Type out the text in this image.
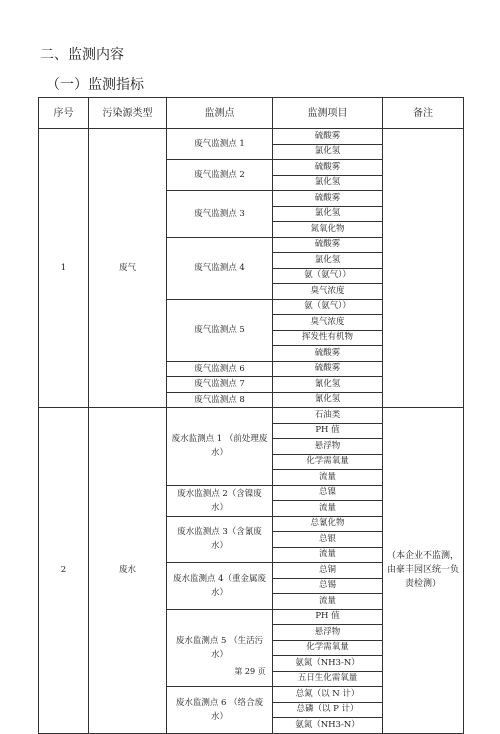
二、监测内容
（一）监测指标
序号	污染源类型	监测点	监测项目	备注
1	废气	废气监测点 1	硫酸雾	
			氯化氢	
		废气监测点 2	硫酸雾	
			氯化氢	
		废气监测点 3	硫酸雾	
			氯化氢	
			氮氧化物	
		废气监测点 4	硫酸雾	
			氯化氢	
			氨（氨气））	
			臭气浓度	
		废气监测点 5	氨（氨气））	
			臭气浓度	
			挥发性有机物	
			硫酸雾	
		废气监测点 6	硫酸雾	
		废气监测点 7	氰化氢	
		废气监测点 8	氰化氢	
2	废水	废水监测点 1 （前处理废水）	石油类	（本企业不监测，由豪丰园区统一负责检测）
			PH 值	
			悬浮物	
			化学需氧量	
			流量	
		废水监测点 2（含镍废水）	总镍	
			流量	
		废水监测点 3（含氰废水）	总氰化物	
			总银	
			流量	
		废水监测点 4（重金属废水）	总铜	
			总锡	
			流量	
		废水监测点 5 （生活污水）	PH 值	
			悬浮物	
			化学需氧量	
			氨氮（NH3-N）	
			五日生化需氧量	
		废水监测点 6 （络合废水）	总氮（以 N 计）	
			总磷（以 P 计）	
			氨氮（NH3-N）	
第 29 页
